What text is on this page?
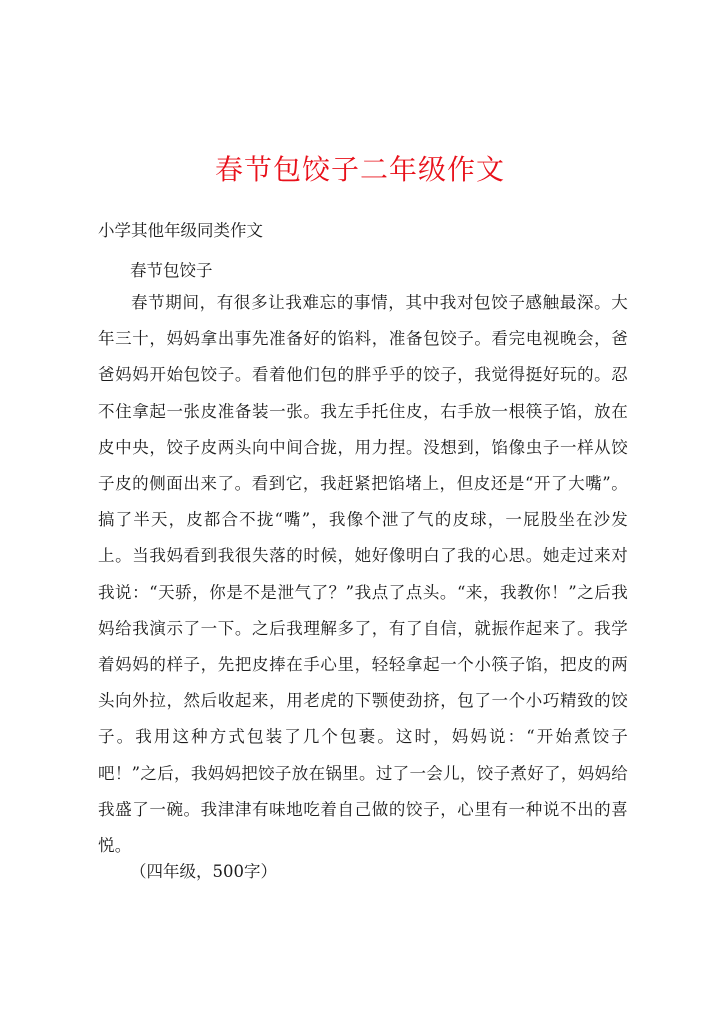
春节包饺子二年级作文

小学其他年级同类作文

春节包饺子

春节期间，有很多让我难忘的事情，其中我对包饺子感触最深。大年三十，妈妈拿出事先准备好的馅料，准备包饺子。看完电视晚会，爸爸妈妈开始包饺子。看着他们包的胖乎乎的饺子，我觉得挺好玩的。忍不住拿起一张皮准备装一张。我左手托住皮，右手放一根筷子馅，放在皮中央，饺子皮两头向中间合拢，用力捏。没想到，馅像虫子一样从饺子皮的侧面出来了。看到它，我赶紧把馅堵上，但皮还是“开了大嘴”。搞了半天，皮都合不拢“嘴”，我像个泄了气的皮球，一屁股坐在沙发上。当我妈看到我很失落的时候，她好像明白了我的心思。她走过来对我说：“天骄，你是不是泄气了？”我点了点头。“来，我教你！”之后我妈给我演示了一下。之后我理解多了，有了自信，就振作起来了。我学着妈妈的样子，先把皮捧在手心里，轻轻拿起一个小筷子馅，把皮的两头向外拉，然后收起来，用老虎的下颚使劲挤，包了一个小巧精致的饺子。我用这种方式包装了几个包裹。这时，妈妈说：“开始煮饺子吧！”之后，我妈妈把饺子放在锅里。过了一会儿，饺子煮好了，妈妈给我盛了一碗。我津津有味地吃着自己做的饺子，心里有一种说不出的喜悦。

（四年级，500字）
